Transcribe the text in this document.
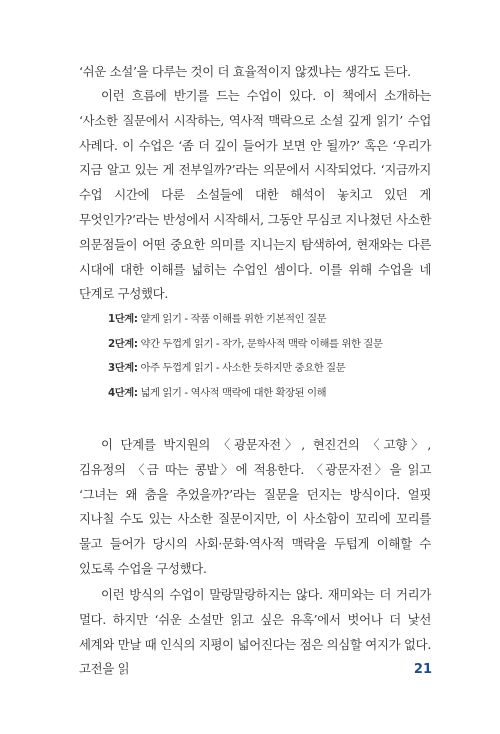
‘쉬운 소설’을 다루는 것이 더 효율적이지 않겠냐는 생각도 든다.

이런 흐름에 반기를 드는 수업이 있다. 이 책에서 소개하는 ‘사소한 질문에서 시작하는, 역사적 맥락으로 소설 깊게 읽기’ 수업 사례다. 이 수업은 ‘좀 더 깊이 들어가 보면 안 될까?’ 혹은 ‘우리가 지금 알고 있는 게 전부일까?’라는 의문에서 시작되었다. ‘지금까지 수업 시간에 다룬 소설들에 대한 해석이 놓치고 있던 게 무엇인가?’라는 반성에서 시작해서, 그동안 무심코 지나쳤던 사소한 의문점들이 어떤 중요한 의미를 지니는지 탐색하여, 현재와는 다른 시대에 대한 이해를 넓히는 수업인 셈이다. 이를 위해 수업을 네 단계로 구성했다.

1단계: 얕게 읽기 - 작품 이해를 위한 기본적인 질문
2단계: 약간 두껍게 읽기 - 작가, 문학사적 맥락 이해를 위한 질문
3단계: 아주 두껍게 읽기 - 사소한 듯하지만 중요한 질문
4단계: 넓게 읽기 - 역사적 맥락에 대한 확장된 이해

이 단계를 박지원의 〈광문자전〉, 현진건의 〈고향〉, 김유정의 〈금 따는 콩밭〉에 적용한다. 〈광문자전〉을 읽고 ‘그녀는 왜 춤을 추었을까?’라는 질문을 던지는 방식이다. 얼핏 지나칠 수도 있는 사소한 질문이지만, 이 사소함이 꼬리에 꼬리를 물고 들어가 당시의 사회·문화·역사적 맥락을 두텁게 이해할 수 있도록 수업을 구성했다.

이런 방식의 수업이 말랑말랑하지는 않다. 재미와는 더 거리가 멀다. 하지만 ‘쉬운 소설만 읽고 싶은 유혹’에서 벗어나 더 낯선 세계와 만날 때 인식의 지평이 넓어진다는 점은 의심할 여지가 없다. 고전을 읽	21
